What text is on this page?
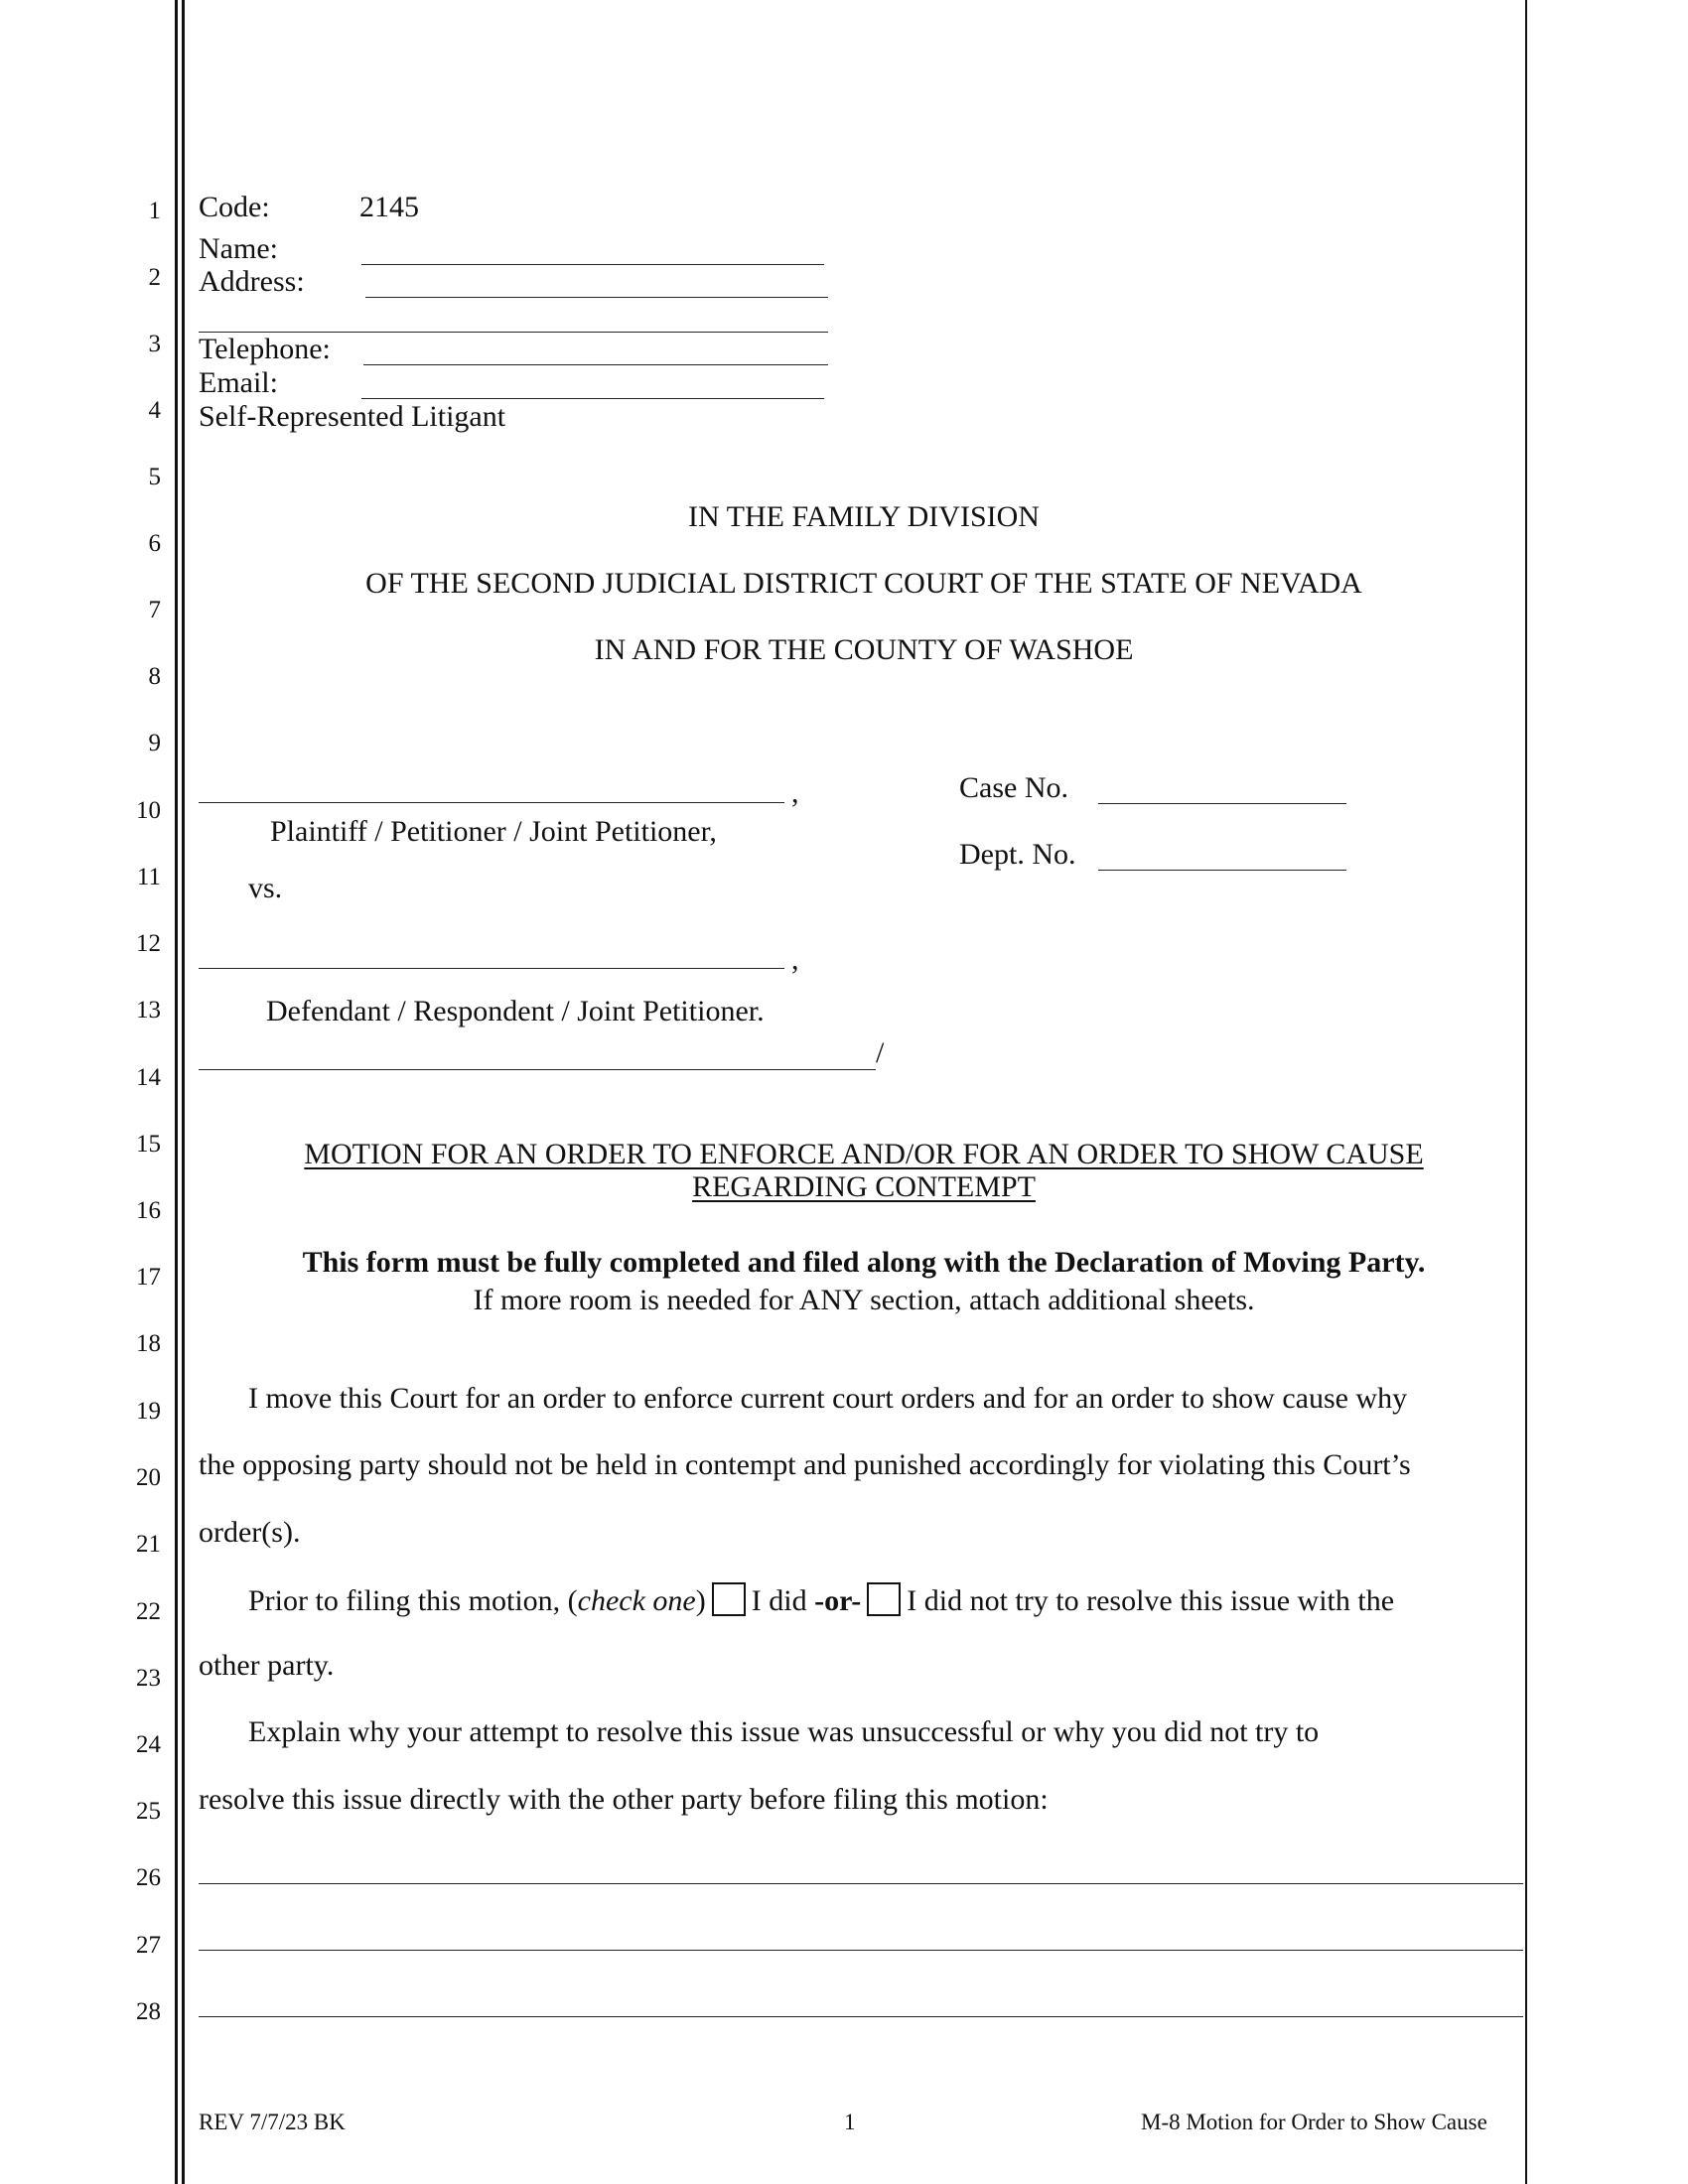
1
2
3
4
5
6
7
8
9
10
11
12
13
14
15
16
17
18
19
20
21
22
23
24
25
26
27
28
Code:	2145
Name:
Address:
Telephone:
Email:
Self-Represented Litigant
IN THE FAMILY DIVISION
OF THE SECOND JUDICIAL DISTRICT COURT OF THE STATE OF NEVADA
IN AND FOR THE COUNTY OF WASHOE
,
Plaintiff / Petitioner / Joint Petitioner,
vs.
,
Defendant / Respondent / Joint Petitioner.
/
Case No.
Dept. No.
MOTION FOR AN ORDER TO ENFORCE AND/OR FOR AN ORDER TO SHOW CAUSE
REGARDING CONTEMPT
This form must be fully completed and filed along with the Declaration of Moving Party.
If more room is needed for ANY section, attach additional sheets.
I move this Court for an order to enforce current court orders and for an order to show cause why
the opposing party should not be held in contempt and punished accordingly for violating this Court’s
order(s).
Prior to filing this motion, (check one) I did -or- I did not try to resolve this issue with the
other party.
Explain why your attempt to resolve this issue was unsuccessful or why you did not try to
resolve this issue directly with the other party before filing this motion:
REV 7/7/23 BK	1	M-8 Motion for Order to Show Cause
